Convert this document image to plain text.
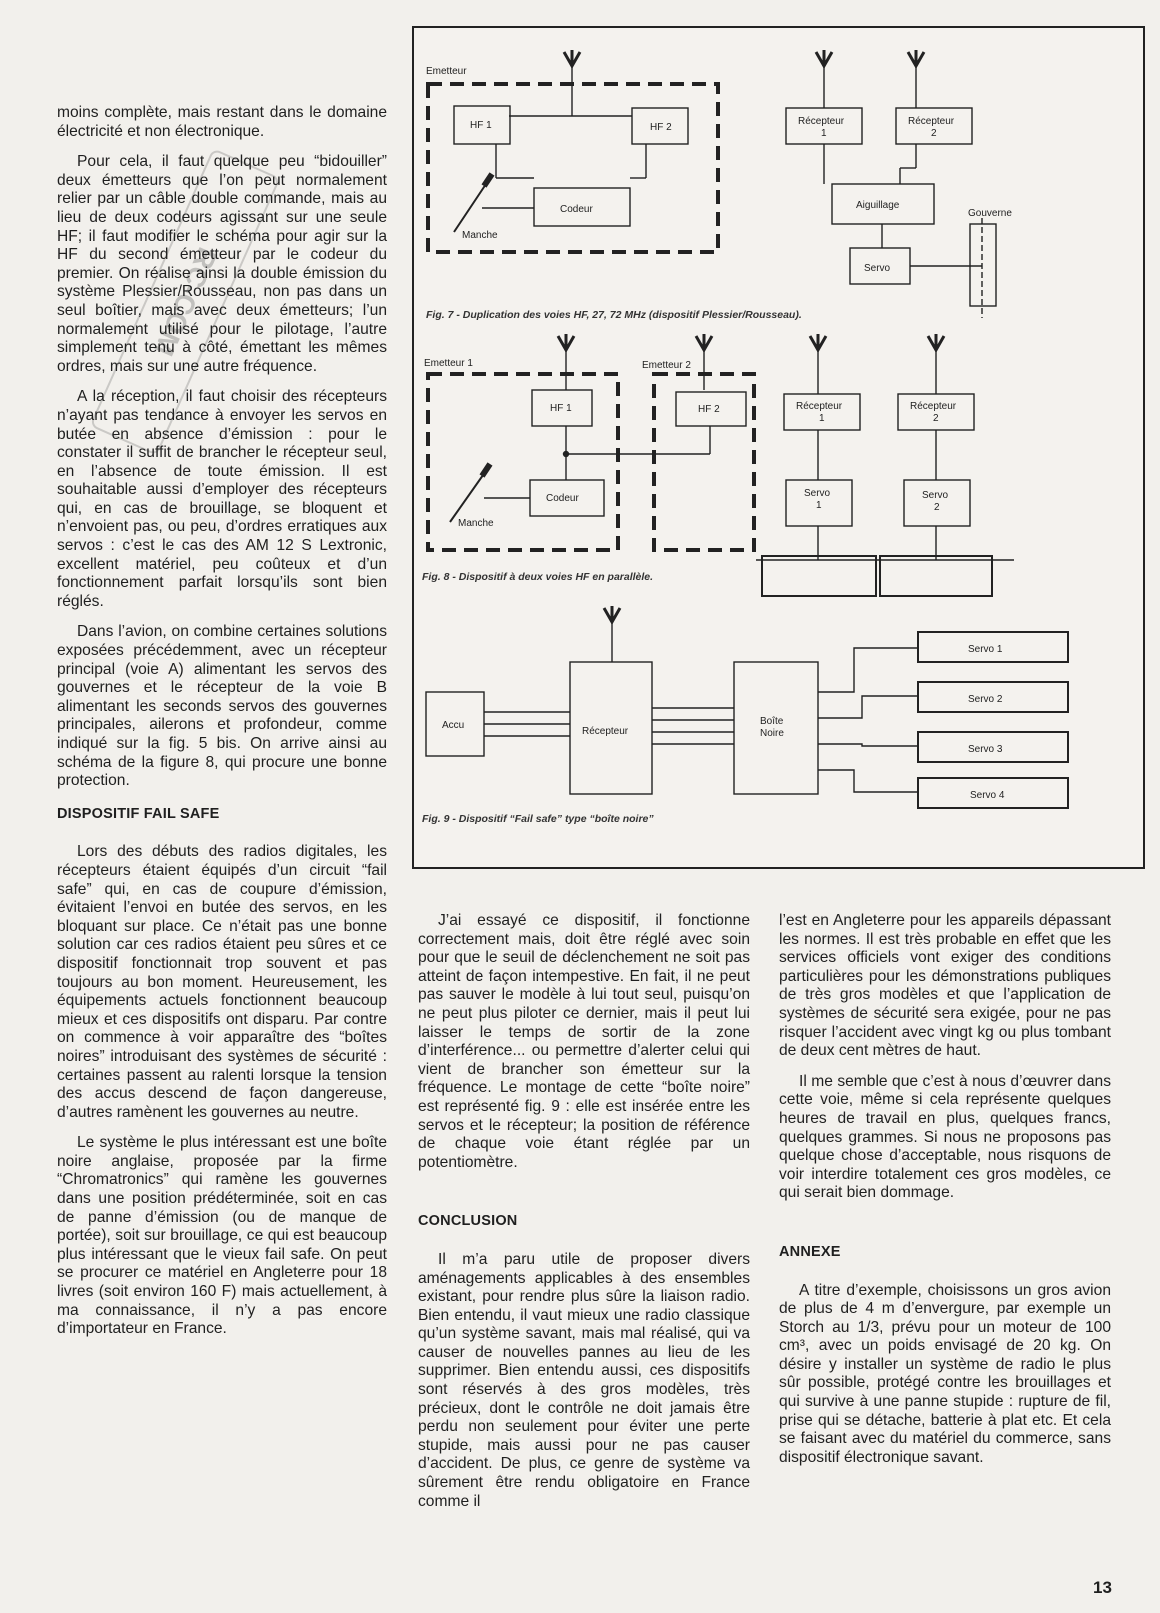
RC-COM

moins complète, mais restant dans le domaine électricité et non électronique.

Pour cela, il faut quelque peu “bidouiller” deux émetteurs que l’on peut normalement relier par un câble double commande, mais au lieu de deux codeurs agissant sur une seule HF; il faut modifier le schéma pour agir sur la HF du second émetteur par le codeur du premier. On réalise ainsi la double émission du système Plessier/Rousseau, non pas dans un seul boîtier, mais avec deux émetteurs; l’un normalement utilisé pour le pilotage, l’autre simplement tenu à côté, émettant les mêmes ordres, mais sur une autre fréquence.

A la réception, il faut choisir des récepteurs n’ayant pas tendance à envoyer les servos en butée en absence d’émission : pour le constater il suffit de brancher le récepteur seul, en l’absence de toute émission. Il est souhaitable aussi d’employer des récepteurs qui, en cas de brouillage, se bloquent et n’envoient pas, ou peu, d’ordres erratiques aux servos : c’est le cas des AM 12 S Lextronic, excellent matériel, peu coûteux et d’un fonctionnement parfait lorsqu’ils sont bien réglés.

Dans l’avion, on combine certaines solutions exposées précédemment, avec un récepteur principal (voie A) alimentant les servos des gouvernes et le récepteur de la voie B alimentant les seconds servos des gouvernes principales, ailerons et profondeur, comme indiqué sur la fig. 5 bis. On arrive ainsi au schéma de la figure 8, qui procure une bonne protection.

DISPOSITIF FAIL SAFE

Lors des débuts des radios digitales, les récepteurs étaient équipés d’un circuit “fail safe” qui, en cas de coupure d’émission, évitaient l’envoi en butée des servos, en les bloquant sur place. Ce n’était pas une bonne solution car ces radios étaient peu sûres et ce dispositif fonctionnait trop souvent et pas toujours au bon moment. Heureusement, les équipements actuels fonctionnent beaucoup mieux et ces dispositifs ont disparu. Par contre on commence à voir apparaître des “boîtes noires” introduisant des systèmes de sécurité : certaines passent au ralenti lorsque la tension des accus descend de façon dangereuse, d’autres ramènent les gouvernes au neutre.

Le système le plus intéressant est une boîte noire anglaise, proposée par la firme “Chromatronics” qui ramène les gouvernes dans une position prédéterminée, soit en cas de panne d’émission (ou de manque de portée), soit sur brouillage, ce qui est beaucoup plus intéressant que le vieux fail safe. On peut se procurer ce matériel en Angleterre pour 18 livres (soit environ 160 F) mais actuellement, à ma connaissance, il n’y a pas encore d’importateur en France.

Emetteur
HF 1	HF 2
Codeur
Manche
Récepteur
1
Récepteur
2
Aiguillage
Gouverne
Servo
Fig. 7 - Duplication des voies HF, 27, 72 MHz (dispositif Plessier/Rousseau).
Emetteur 1	Emetteur 2
HF 1	HF 2
Codeur
Manche
Récepteur
1
Récepteur
2
Servo
1
Servo
2
Fig. 8 - Dispositif à deux voies HF en parallèle.
Accu
Récepteur
Boîte
Noire
Servo 1
Servo 2
Servo 3
Servo 4
Fig. 9 - Dispositif “Fail safe” type “boîte noire”

J’ai essayé ce dispositif, il fonctionne correctement mais, doit être réglé avec soin pour que le seuil de déclenchement ne soit pas atteint de façon intempestive. En fait, il ne peut pas sauver le modèle à lui tout seul, puisqu’on ne peut plus piloter ce dernier, mais il peut lui laisser le temps de sortir de la zone d’interférence... ou permettre d’alerter celui qui vient de brancher son émetteur sur la fréquence. Le montage de cette “boîte noire” est représenté fig. 9 : elle est insérée entre les servos et le récepteur; la position de référence de chaque voie étant réglée par un potentiomètre.

CONCLUSION

Il m’a paru utile de proposer divers aménagements applicables à des ensembles existant, pour rendre plus sûre la liaison radio. Bien entendu, il vaut mieux une radio classique qu’un système savant, mais mal réalisé, qui va causer de nouvelles pannes au lieu de les supprimer. Bien entendu aussi, ces dispositifs sont réservés à des gros modèles, très précieux, dont le contrôle ne doit jamais être perdu non seulement pour éviter une perte stupide, mais aussi pour ne pas causer d’accident. De plus, ce genre de système va sûrement être rendu obligatoire en France comme il

l’est en Angleterre pour les appareils dépassant les normes. Il est très probable en effet que les services officiels vont exiger des conditions particulières pour les démonstrations publiques de très gros modèles et que l’application de systèmes de sécurité sera exigée, pour ne pas risquer l’accident avec vingt kg ou plus tombant de deux cent mètres de haut.

Il me semble que c’est à nous d’œuvrer dans cette voie, même si cela représente quelques heures de travail en plus, quelques francs, quelques grammes. Si nous ne proposons pas quelque chose d’acceptable, nous risquons de voir interdire totalement ces gros modèles, ce qui serait bien dommage.

ANNEXE

A titre d’exemple, choisissons un gros avion de plus de 4 m d’envergure, par exemple un Storch au 1/3, prévu pour un moteur de 100 cm³, avec un poids envisagé de 20 kg. On désire y installer un système de radio le plus sûr possible, protégé contre les brouillages et qui survive à une panne stupide : rupture de fil, prise qui se détache, batterie à plat etc. Et cela se faisant avec du matériel du commerce, sans dispositif électronique savant.

13
